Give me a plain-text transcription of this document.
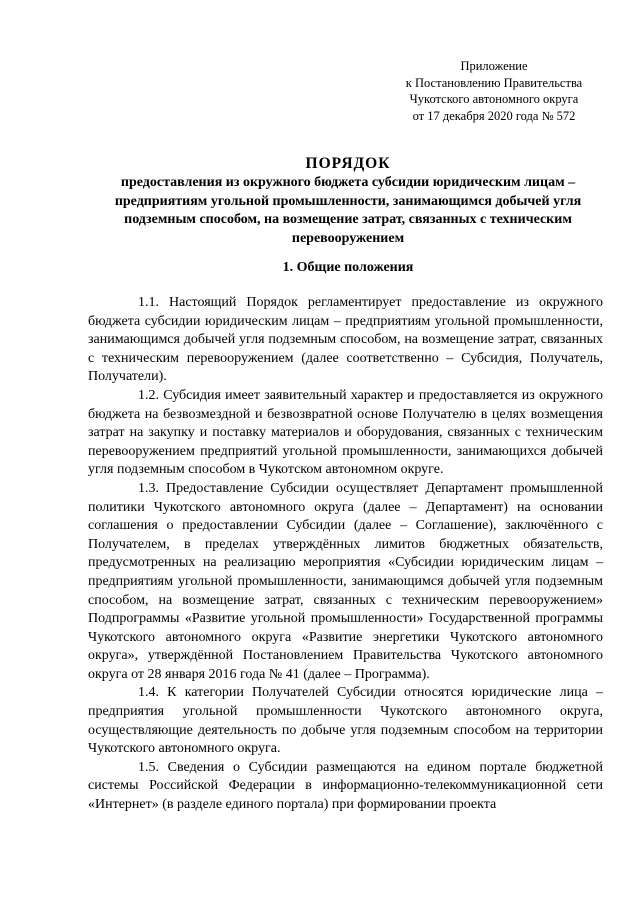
Приложение
к Постановлению Правительства
Чукотского автономного округа
от 17 декабря 2020 года № 572
ПОРЯДОК
предоставления из окружного бюджета субсидии юридическим лицам – предприятиям угольной промышленности, занимающимся добычей угля подземным способом, на возмещение затрат, связанных с техническим перевооружением
1. Общие положения

1.1. Настоящий Порядок регламентирует предоставление из окружного бюджета субсидии юридическим лицам – предприятиям угольной промышленности, занимающимся добычей угля подземным способом, на возмещение затрат, связанных с техническим перевооружением (далее соответственно – Субсидия, Получатель, Получатели).

1.2. Субсидия имеет заявительный характер и предоставляется из окружного бюджета на безвозмездной и безвозвратной основе Получателю в целях возмещения затрат на закупку и поставку материалов и оборудования, связанных с техническим перевооружением предприятий угольной промышленности, занимающихся добычей угля подземным способом в Чукотском автономном округе.

1.3. Предоставление Субсидии осуществляет Департамент промышленной политики Чукотского автономного округа (далее – Департамент) на основании соглашения о предоставлении Субсидии (далее – Соглашение), заключённого с Получателем, в пределах утверждённых лимитов бюджетных обязательств, предусмотренных на реализацию мероприятия «Субсидии юридическим лицам – предприятиям угольной промышленности, занимающимся добычей угля подземным способом, на возмещение затрат, связанных с техническим перевооружением» Подпрограммы «Развитие угольной промышленности» Государственной программы Чукотского автономного округа «Развитие энергетики Чукотского автономного округа», утверждённой Постановлением Правительства Чукотского автономного округа от 28 января 2016 года № 41 (далее – Программа).

1.4. К категории Получателей Субсидии относятся юридические лица – предприятия угольной промышленности Чукотского автономного округа, осуществляющие деятельность по добыче угля подземным способом на территории Чукотского автономного округа.

1.5. Сведения о Субсидии размещаются на едином портале бюджетной системы Российской Федерации в информационно-телекоммуникационной сети «Интернет» (в разделе единого портала) при формировании проекта
